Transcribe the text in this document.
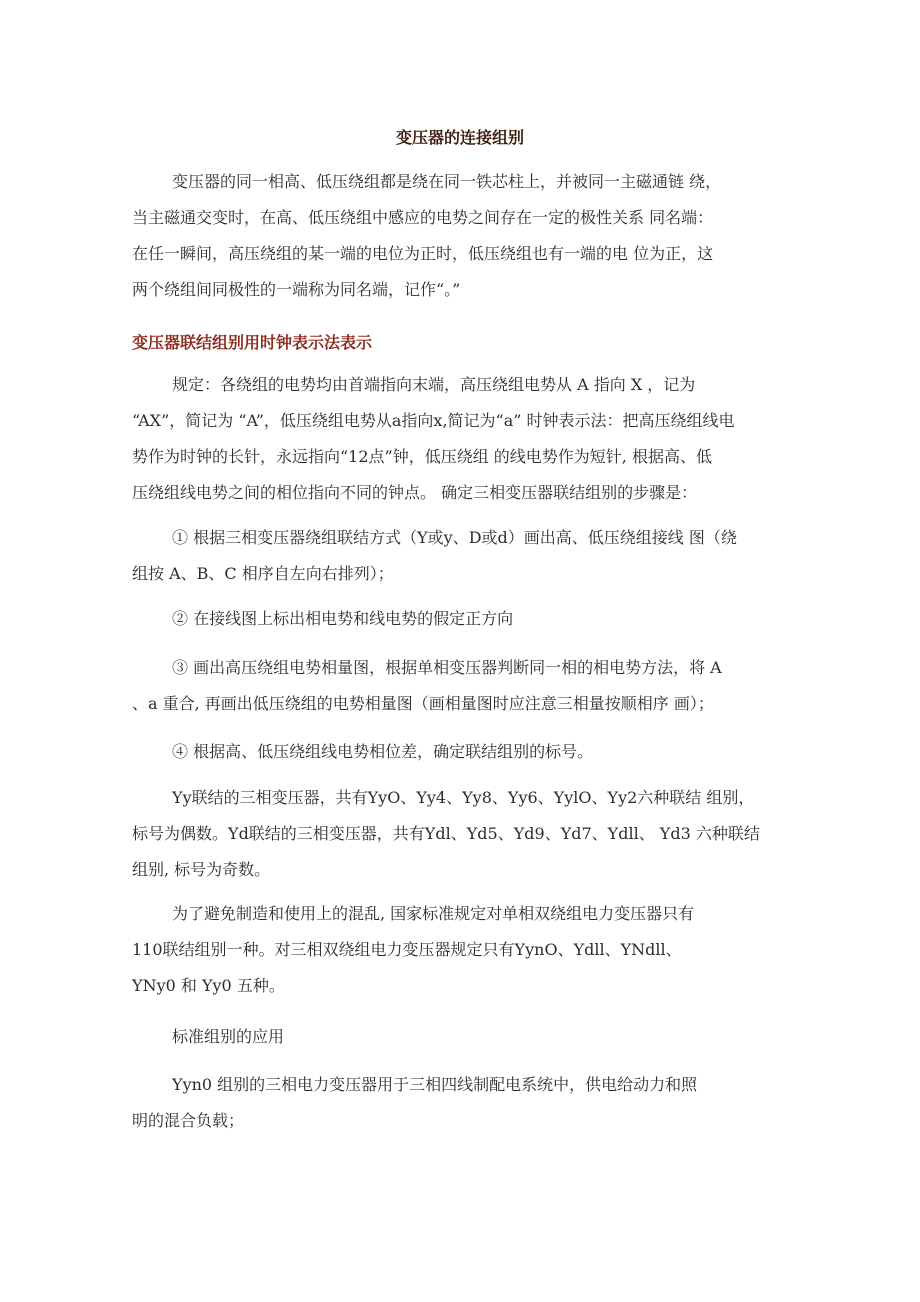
变压器的连接组别

变压器的同一相高、低压绕组都是绕在同一铁芯柱上，并被同一主磁通链 绕，
当主磁通交变时，在高、低压绕组中感应的电势之间存在一定的极性关系 同名端：
在任一瞬间，高压绕组的某一端的电位为正时，低压绕组也有一端的电 位为正，这
两个绕组间同极性的一端称为同名端，记作“。”

变压器联结组别用时钟表示法表示

规定：各绕组的电势均由首端指向末端，高压绕组电势从 A 指向 X ，记为
“AX”，简记为 “A”，低压绕组电势从a指向x,简记为“a” 时钟表示法：把高压绕组线电
势作为时钟的长针，永远指向“12点”钟，低压绕组 的线电势作为短针, 根据高、低
压绕组线电势之间的相位指向不同的钟点。 确定三相变压器联结组别的步骤是：

① 根据三相变压器绕组联结方式（Y或y、D或d）画出高、低压绕组接线 图（绕
组按 A、B、C 相序自左向右排列）；

② 在接线图上标出相电势和线电势的假定正方向

③ 画出高压绕组电势相量图，根据单相变压器判断同一相的相电势方法，将 A
、a 重合, 再画出低压绕组的电势相量图（画相量图时应注意三相量按顺相序 画）；

④ 根据高、低压绕组线电势相位差，确定联结组别的标号。

Yy联结的三相变压器，共有YyO、Yy4、Yy8、Yy6、YylO、Yy2六种联结 组别，
标号为偶数。Yd联结的三相变压器，共有Ydl、Yd5、Yd9、Yd7、Ydll、 Yd3 六种联结
组别, 标号为奇数。

为了避免制造和使用上的混乱, 国家标准规定对单相双绕组电力变压器只有
110联结组别一种。对三相双绕组电力变压器规定只有YynO、Ydll、YNdll、
YNy0 和 Yy0 五种。

标准组别的应用

Yyn0 组别的三相电力变压器用于三相四线制配电系统中，供电给动力和照
明的混合负载；
